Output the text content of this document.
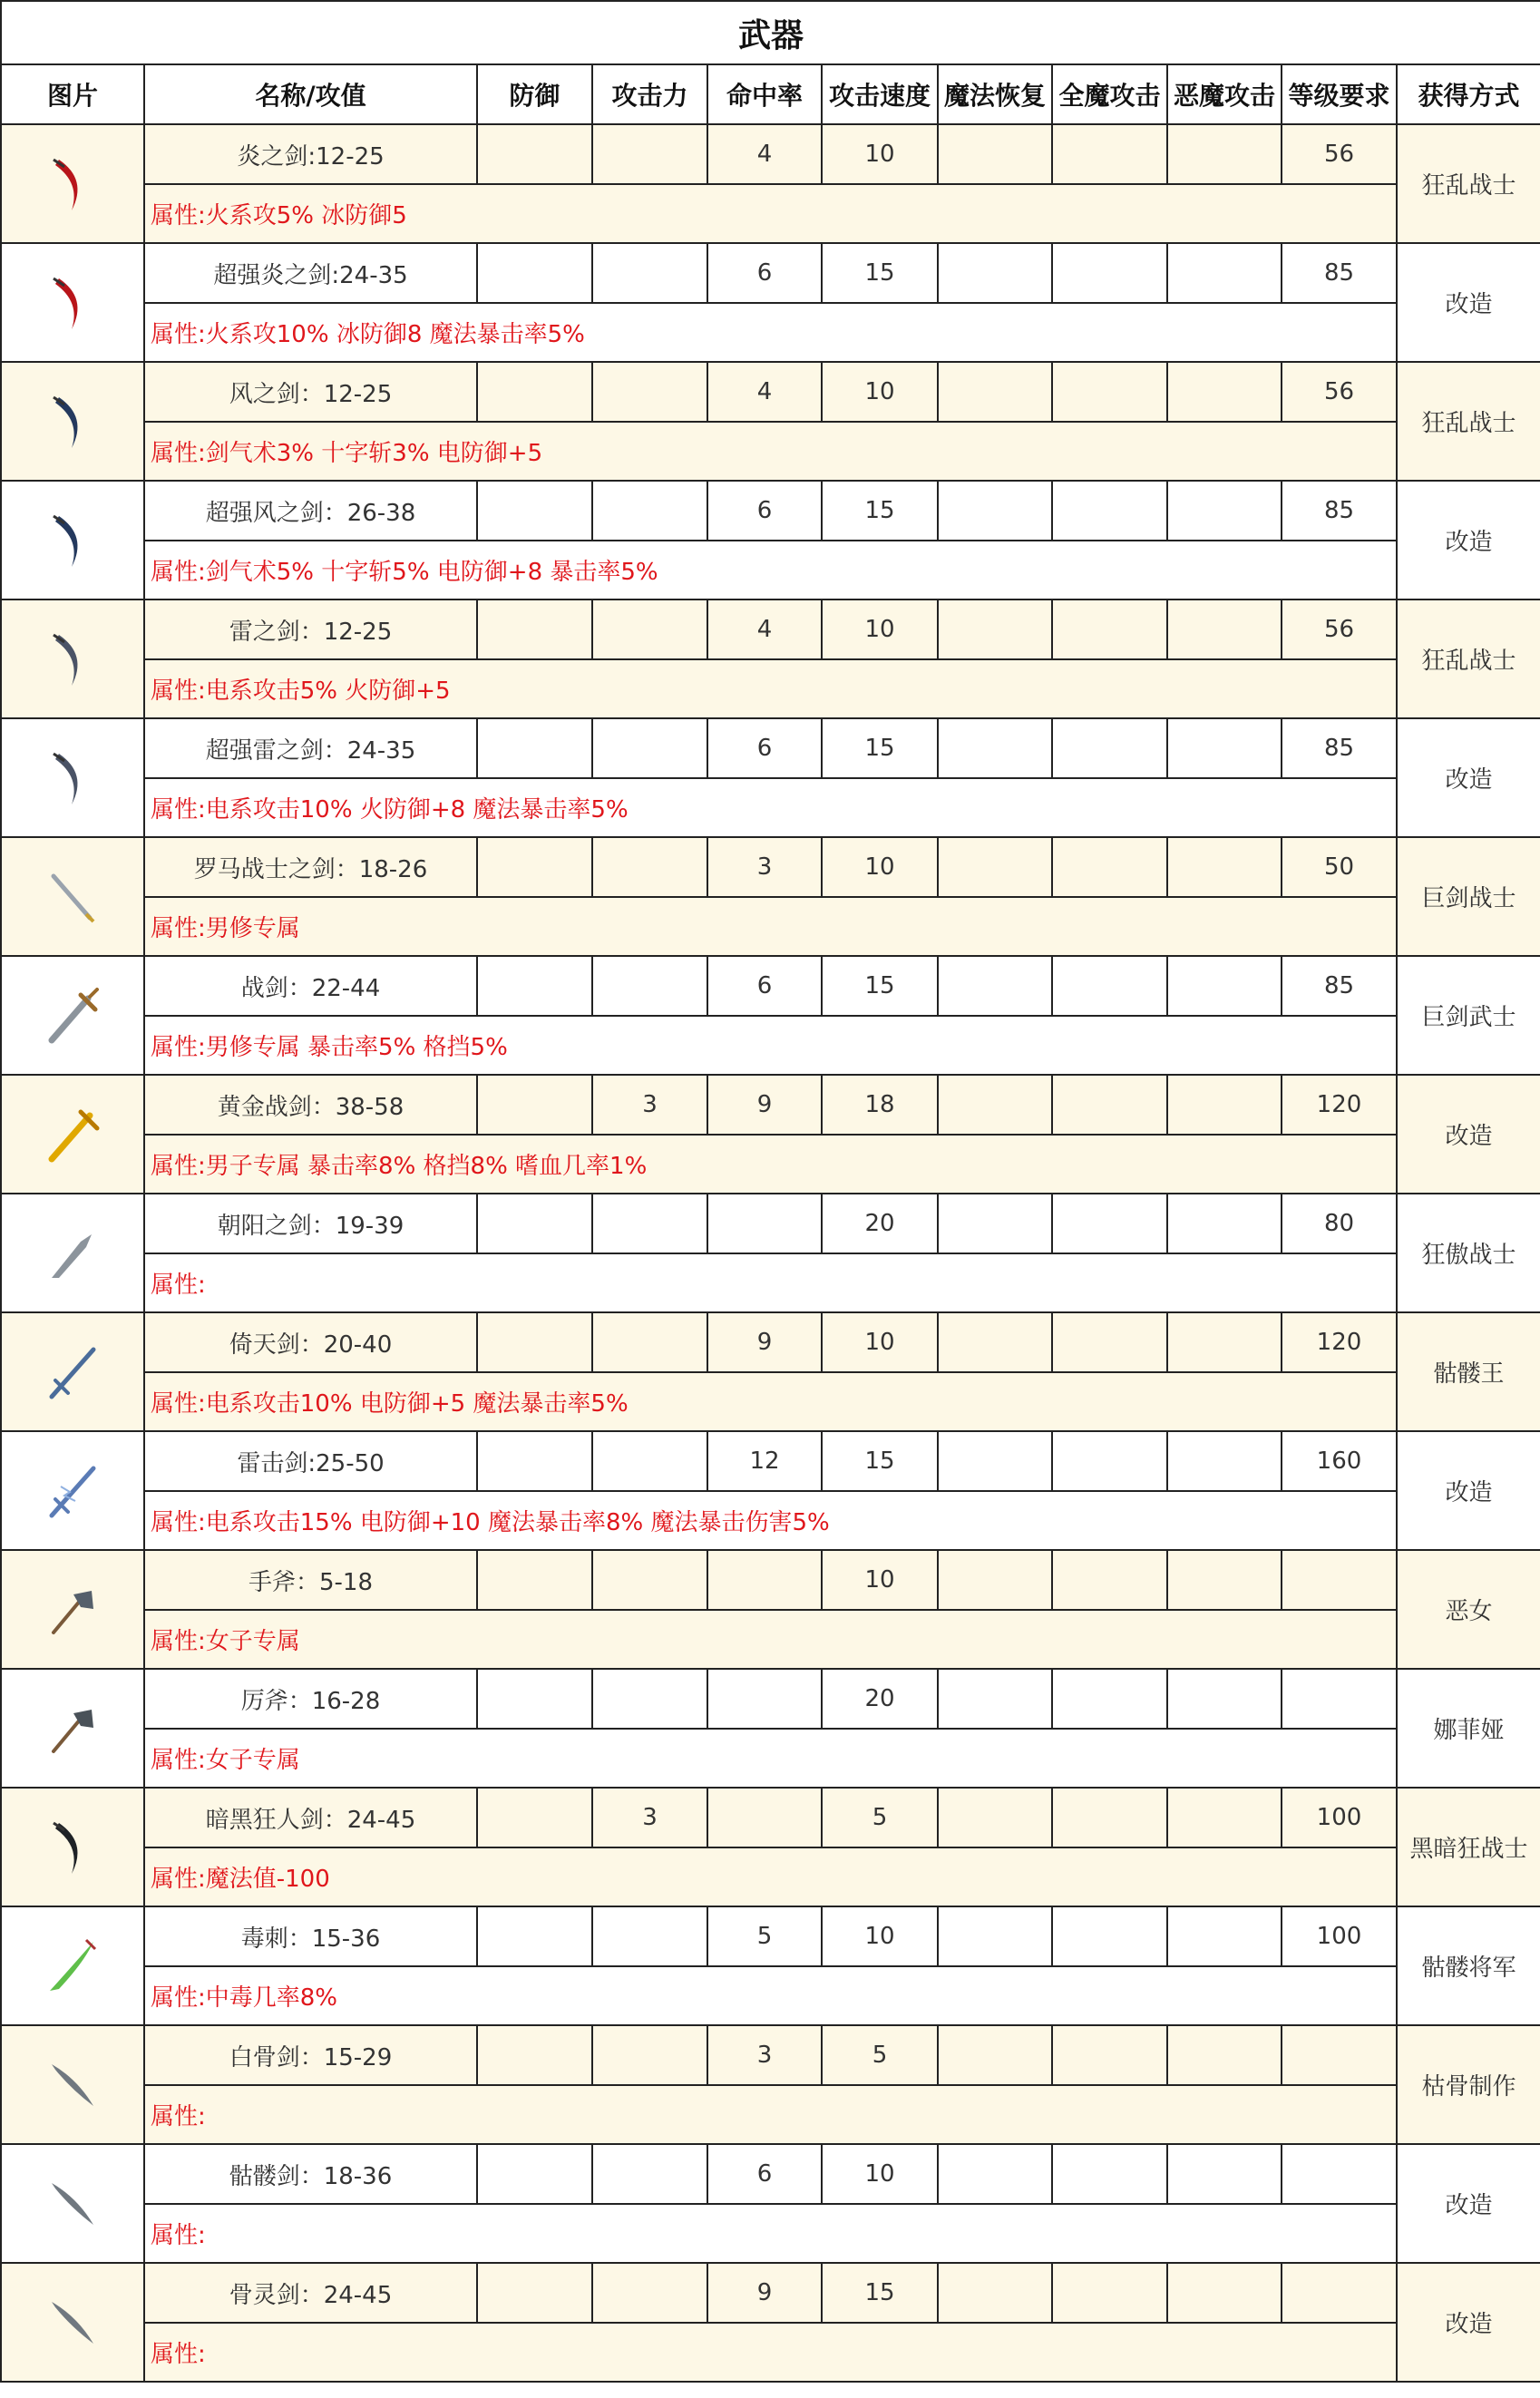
武器										
图片	名称/攻值	防御	攻击力	命中率	攻击速度	魔法恢复	全魔攻击	恶魔攻击	等级要求	获得方式

	炎之剑:12-25			4	10				56	狂乱战士
	属性:火系攻5% 冰防御5									

	超强炎之剑:24-35			6	15				85	改造
	属性:火系攻10% 冰防御8 魔法暴击率5%									

	风之剑：12-25			4	10				56	狂乱战士
	属性:剑气术3% 十字斩3% 电防御+5									

	超强风之剑：26-38			6	15				85	改造
	属性:剑气术5% 十字斩5% 电防御+8 暴击率5%									

	雷之剑：12-25			4	10				56	狂乱战士
	属性:电系攻击5% 火防御+5									

	超强雷之剑：24-35			6	15				85	改造
	属性:电系攻击10% 火防御+8 魔法暴击率5%									

	罗马战士之剑：18-26			3	10				50	巨剑战士
	属性:男修专属									

	战剑：22-44			6	15				85	巨剑武士
	属性:男修专属 暴击率5% 格挡5%									

	黄金战剑：38-58		3	9	18				120	改造
	属性:男子专属 暴击率8% 格挡8% 嗜血几率1%									

	朝阳之剑：19-39				20				80	狂傲战士
	属性:									

	倚天剑：20-40			9	10				120	骷髅王
	属性:电系攻击10% 电防御+5 魔法暴击率5%									

	雷击剑:25-50			12	15				160	改造
	属性:电系攻击15% 电防御+10 魔法暴击率8% 魔法暴击伤害5%									

	手斧：5-18				10					恶女
	属性:女子专属									

	厉斧：16-28				20					娜菲娅
	属性:女子专属									

	暗黑狂人剑：24-45		3		5				100	黑暗狂战士
	属性:魔法值-100									

	毒刺：15-36			5	10				100	骷髅将军
	属性:中毒几率8%									

	白骨剑：15-29			3	5					枯骨制作
	属性:									

	骷髅剑：18-36			6	10					改造
	属性:									

	骨灵剑：24-45			9	15					改造
	属性:									
